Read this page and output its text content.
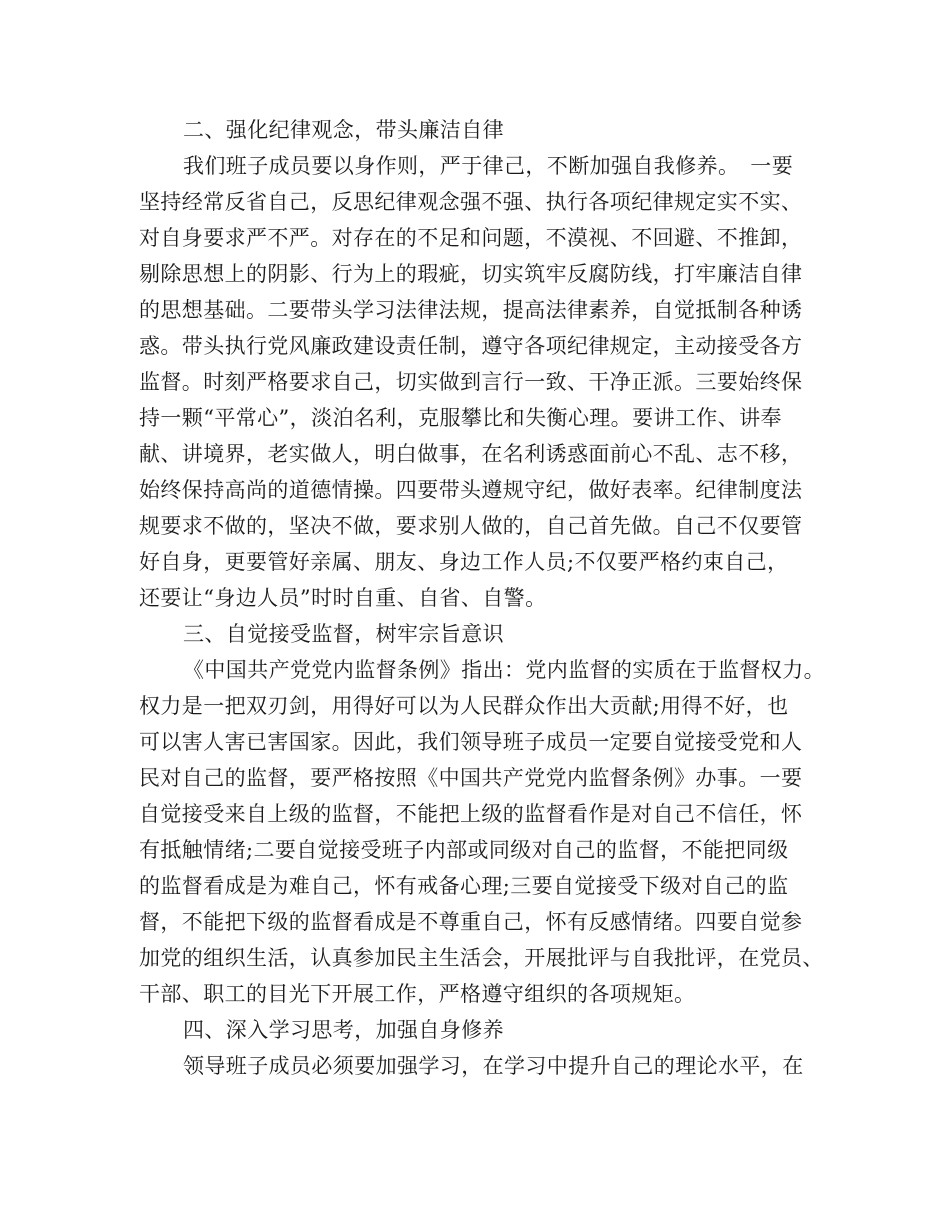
二、强化纪律观念，带头廉洁自律
我们班子成员要以身作则，严于律己，不断加强自我修养。　一要
坚持经常反省自己，反思纪律观念强不强、执行各项纪律规定实不实、
对自身要求严不严。对存在的不足和问题，不漠视、不回避、不推卸，
剔除思想上的阴影、行为上的瑕疵，切实筑牢反腐防线，打牢廉洁自律
的思想基础。二要带头学习法律法规，提高法律素养，自觉抵制各种诱
惑。带头执行党风廉政建设责任制，遵守各项纪律规定，主动接受各方
监督。时刻严格要求自己，切实做到言行一致、干净正派。三要始终保
持一颗“平常心”，淡泊名利，克服攀比和失衡心理。要讲工作、讲奉
献、讲境界，老实做人，明白做事，在名利诱惑面前心不乱、志不移，
始终保持高尚的道德情操。四要带头遵规守纪，做好表率。纪律制度法
规要求不做的，坚决不做，要求别人做的，自己首先做。自己不仅要管
好自身，更要管好亲属、朋友、身边工作人员;不仅要严格约束自己，
还要让“身边人员”时时自重、自省、自警。
三、自觉接受监督，树牢宗旨意识
《中国共产党党内监督条例》指出：党内监督的实质在于监督权力。
权力是一把双刃剑，用得好可以为人民群众作出大贡献;用得不好，也
可以害人害已害国家。因此，我们领导班子成员一定要自觉接受党和人
民对自己的监督，要严格按照《中国共产党党内监督条例》办事。一要
自觉接受来自上级的监督，不能把上级的监督看作是对自己不信任，怀
有抵触情绪;二要自觉接受班子内部或同级对自己的监督，不能把同级
的监督看成是为难自己，怀有戒备心理;三要自觉接受下级对自己的监
督，不能把下级的监督看成是不尊重自己，怀有反感情绪。四要自觉参
加党的组织生活，认真参加民主生活会，开展批评与自我批评，在党员、
干部、职工的目光下开展工作，严格遵守组织的各项规矩。
四、深入学习思考，加强自身修养
领导班子成员必须要加强学习，在学习中提升自己的理论水平，在
